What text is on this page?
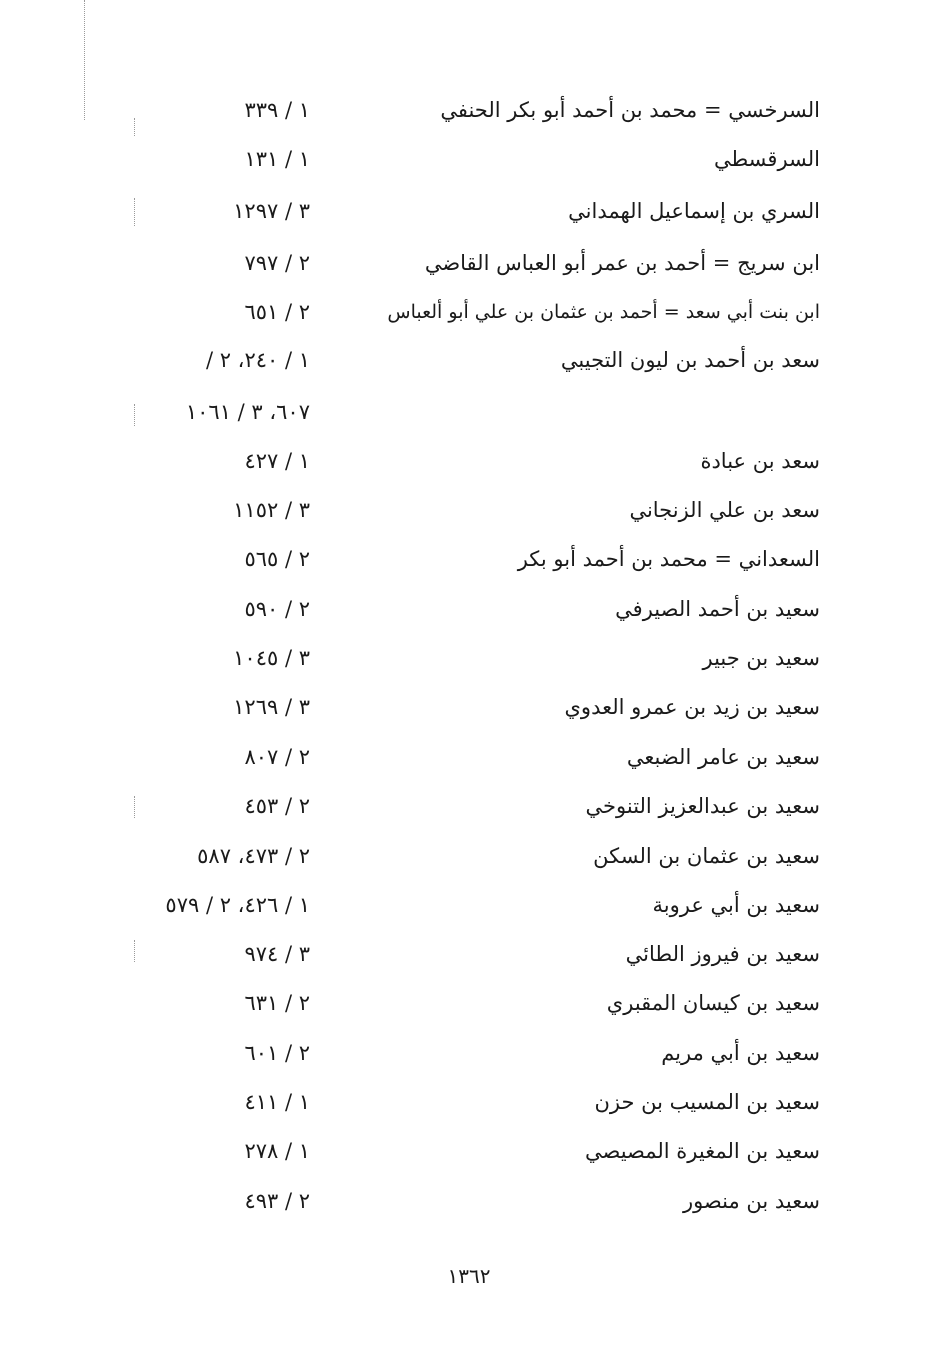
السرخسي = محمد بن أحمد أبو بكر الحنفي
١ / ٣٣٩
السرقسطي
١ / ١٣١
السري بن إسماعيل الهمداني
٣ / ١٢٩٧
ابن سريج = أحمد بن عمر أبو العباس القاضي
٢ / ٧٩٧
ابن بنت أبي سعد = أحمد بن عثمان بن علي أبو ألعباس
٢ / ٦٥١
سعد بن أحمد بن ليون التجيبي
١ / ٢٤٠، ٢ /
٦٠٧، ٣ / ١٠٦١
سعد بن عبادة
١ / ٤٢٧
سعد بن علي الزنجاني
٣ / ١١٥٢
السعداني = محمد بن أحمد أبو بكر
٢ / ٥٦٥
سعيد بن أحمد الصيرفي
٢ / ٥٩٠
سعيد بن جبير
٣ / ١٠٤٥
سعيد بن زيد بن عمرو العدوي
٣ / ١٢٦٩
سعيد بن عامر الضبعي
٢ / ٨٠٧
سعيد بن عبدالعزيز التنوخي
٢ / ٤٥٣
سعيد بن عثمان بن السكن
٢ / ٤٧٣، ٥٨٧
سعيد بن أبي عروبة
١ / ٤٢٦، ٢ / ٥٧٩
سعيد بن فيروز الطائي
٣ / ٩٧٤
سعيد بن كيسان المقبري
٢ / ٦٣١
سعيد بن أبي مريم
٢ / ٦٠١
سعيد بن المسيب بن حزن
١ / ٤١١
سعيد بن المغيرة المصيصي
١ / ٢٧٨
سعيد بن منصور
٢ / ٤٩٣
١٣٦٢
